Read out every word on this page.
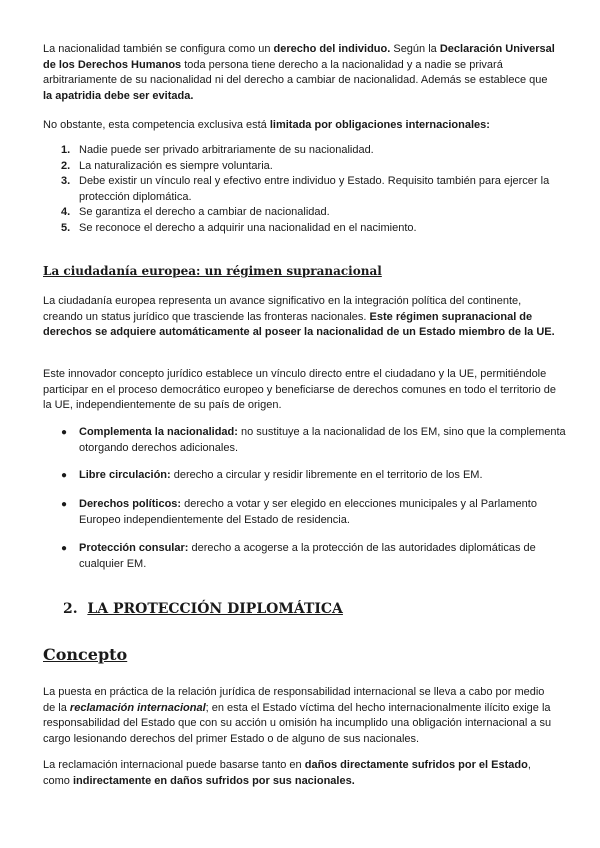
La nacionalidad también se configura como un derecho del individuo. Según la Declaración Universal de los Derechos Humanos toda persona tiene derecho a la nacionalidad y a nadie se privará arbitrariamente de su nacionalidad ni del derecho a cambiar de nacionalidad. Además se establece que la apatridia debe ser evitada.

No obstante, esta competencia exclusiva está limitada por obligaciones internacionales:

1. Nadie puede ser privado arbitrariamente de su nacionalidad.
2. La naturalización es siempre voluntaria.
3. Debe existir un vínculo real y efectivo entre individuo y Estado. Requisito también para ejercer la protección diplomática.
4. Se garantiza el derecho a cambiar de nacionalidad.
5. Se reconoce el derecho a adquirir una nacionalidad en el nacimiento.
La ciudadanía europea: un régimen supranacional

La ciudadanía europea representa un avance significativo en la integración política del continente, creando un status jurídico que trasciende las fronteras nacionales. Este régimen supranacional de derechos se adquiere automáticamente al poseer la nacionalidad de un Estado miembro de la UE.

Este innovador concepto jurídico establece un vínculo directo entre el ciudadano y la UE, permitiéndole participar en el proceso democrático europeo y beneficiarse de derechos comunes en todo el territorio de la UE, independientemente de su país de origen.

● Complementa la nacionalidad: no sustituye a la nacionalidad de los EM, sino que la complementa otorgando derechos adicionales.
● Libre circulación: derecho a circular y residir libremente en el territorio de los EM.
● Derechos políticos: derecho a votar y ser elegido en elecciones municipales y al Parlamento Europeo independientemente del Estado de residencia.
● Protección consular: derecho a acogerse a la protección de las autoridades diplomáticas de cualquier EM.
2. LA PROTECCIÓN DIPLOMÁTICA
Concepto

La puesta en práctica de la relación jurídica de responsabilidad internacional se lleva a cabo por medio de la reclamación internacional; en esta el Estado víctima del hecho internacionalmente ilícito exige la responsabilidad del Estado que con su acción u omisión ha incumplido una obligación internacional a su cargo lesionando derechos del primer Estado o de alguno de sus nacionales.

La reclamación internacional puede basarse tanto en daños directamente sufridos por el Estado, como indirectamente en daños sufridos por sus nacionales.
